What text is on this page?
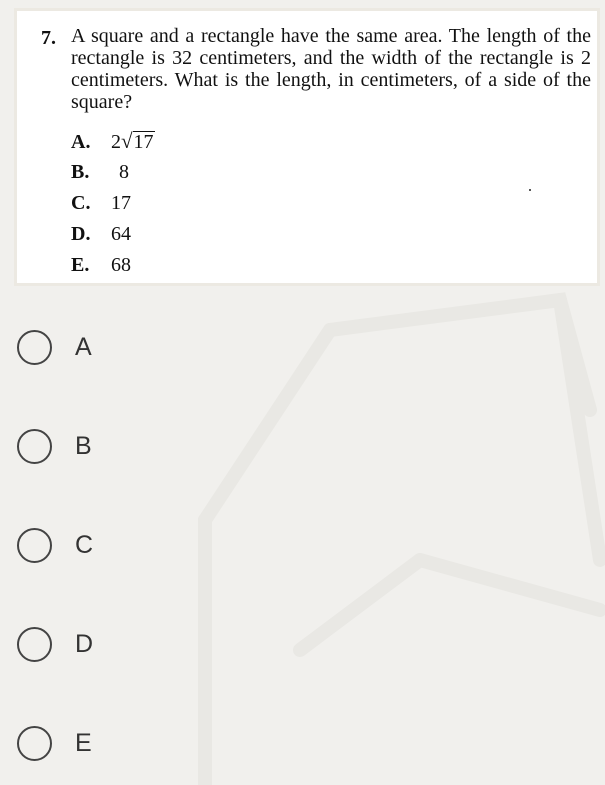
7. A square and a rectangle have the same area. The length of the rectangle is 32 centimeters, and the width of the rectangle is 2 centimeters. What is the length, in centimeters, of a side of the square?
A. 2√17
B. 8
C. 17
D. 64
E. 68
A
B
C
D
E
